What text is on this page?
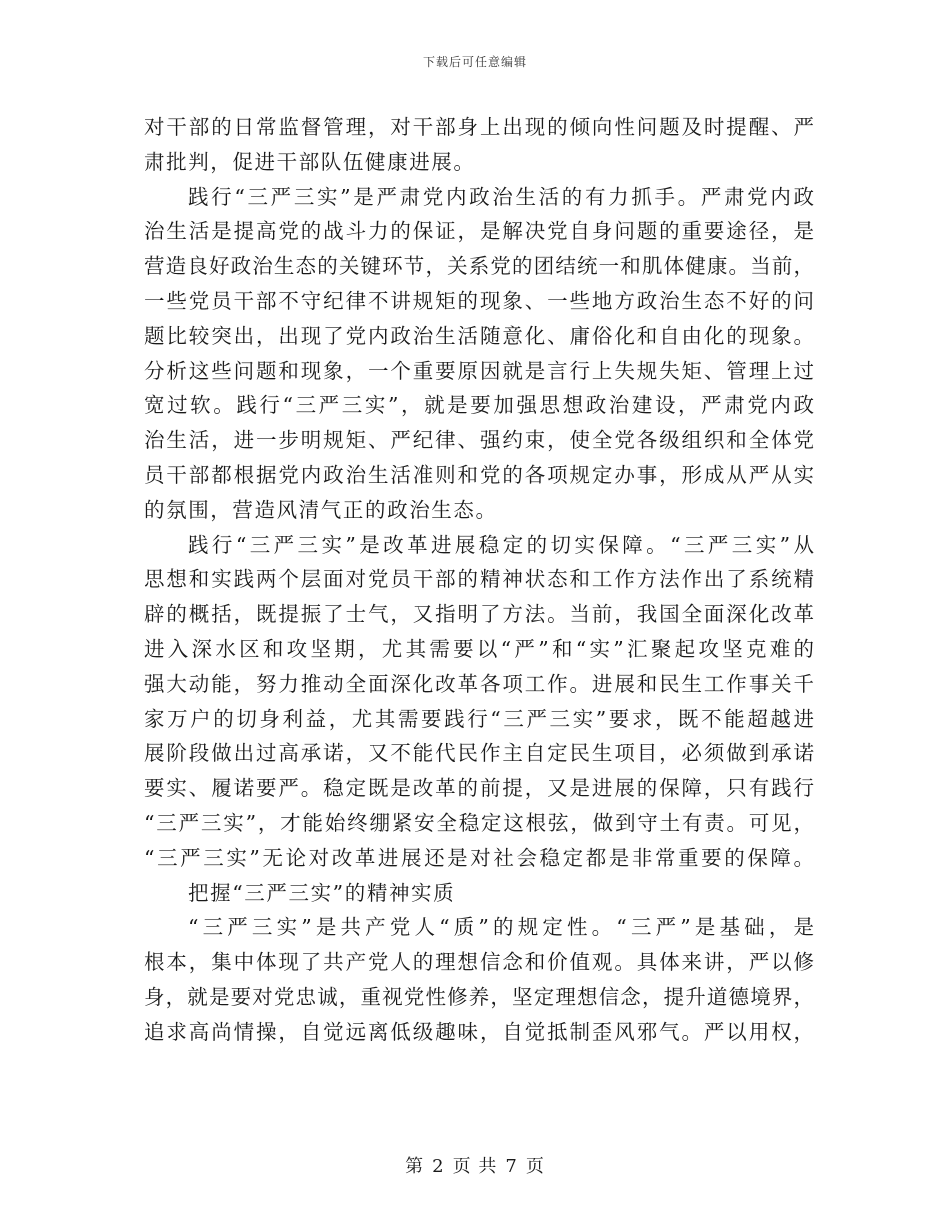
下载后可任意编辑
对干部的日常监督管理，对干部身上出现的倾向性问题及时提醒、严
肃批判，促进干部队伍健康进展。
践行“三严三实”是严肃党内政治生活的有力抓手。严肃党内政
治生活是提高党的战斗力的保证，是解决党自身问题的重要途径，是
营造良好政治生态的关键环节，关系党的团结统一和肌体健康。当前，
一些党员干部不守纪律不讲规矩的现象、一些地方政治生态不好的问
题比较突出，出现了党内政治生活随意化、庸俗化和自由化的现象。
分析这些问题和现象，一个重要原因就是言行上失规失矩、管理上过
宽过软。践行“三严三实”，就是要加强思想政治建设，严肃党内政
治生活，进一步明规矩、严纪律、强约束，使全党各级组织和全体党
员干部都根据党内政治生活准则和党的各项规定办事，形成从严从实
的氛围，营造风清气正的政治生态。
践行“三严三实”是改革进展稳定的切实保障。“三严三实”从
思想和实践两个层面对党员干部的精神状态和工作方法作出了系统精
辟的概括，既提振了士气，又指明了方法。当前，我国全面深化改革
进入深水区和攻坚期，尤其需要以“严”和“实”汇聚起攻坚克难的
强大动能，努力推动全面深化改革各项工作。进展和民生工作事关千
家万户的切身利益，尤其需要践行“三严三实”要求，既不能超越进
展阶段做出过高承诺，又不能代民作主自定民生项目，必须做到承诺
要实、履诺要严。稳定既是改革的前提，又是进展的保障，只有践行
“三严三实”，才能始终绷紧安全稳定这根弦，做到守土有责。可见，
“三严三实”无论对改革进展还是对社会稳定都是非常重要的保障。
把握“三严三实”的精神实质
“三严三实”是共产党人“质”的规定性。“三严”是基础，是
根本，集中体现了共产党人的理想信念和价值观。具体来讲，严以修
身，就是要对党忠诚，重视党性修养，坚定理想信念，提升道德境界，
追求高尚情操，自觉远离低级趣味，自觉抵制歪风邪气。严以用权，
第 2 页 共 7 页
